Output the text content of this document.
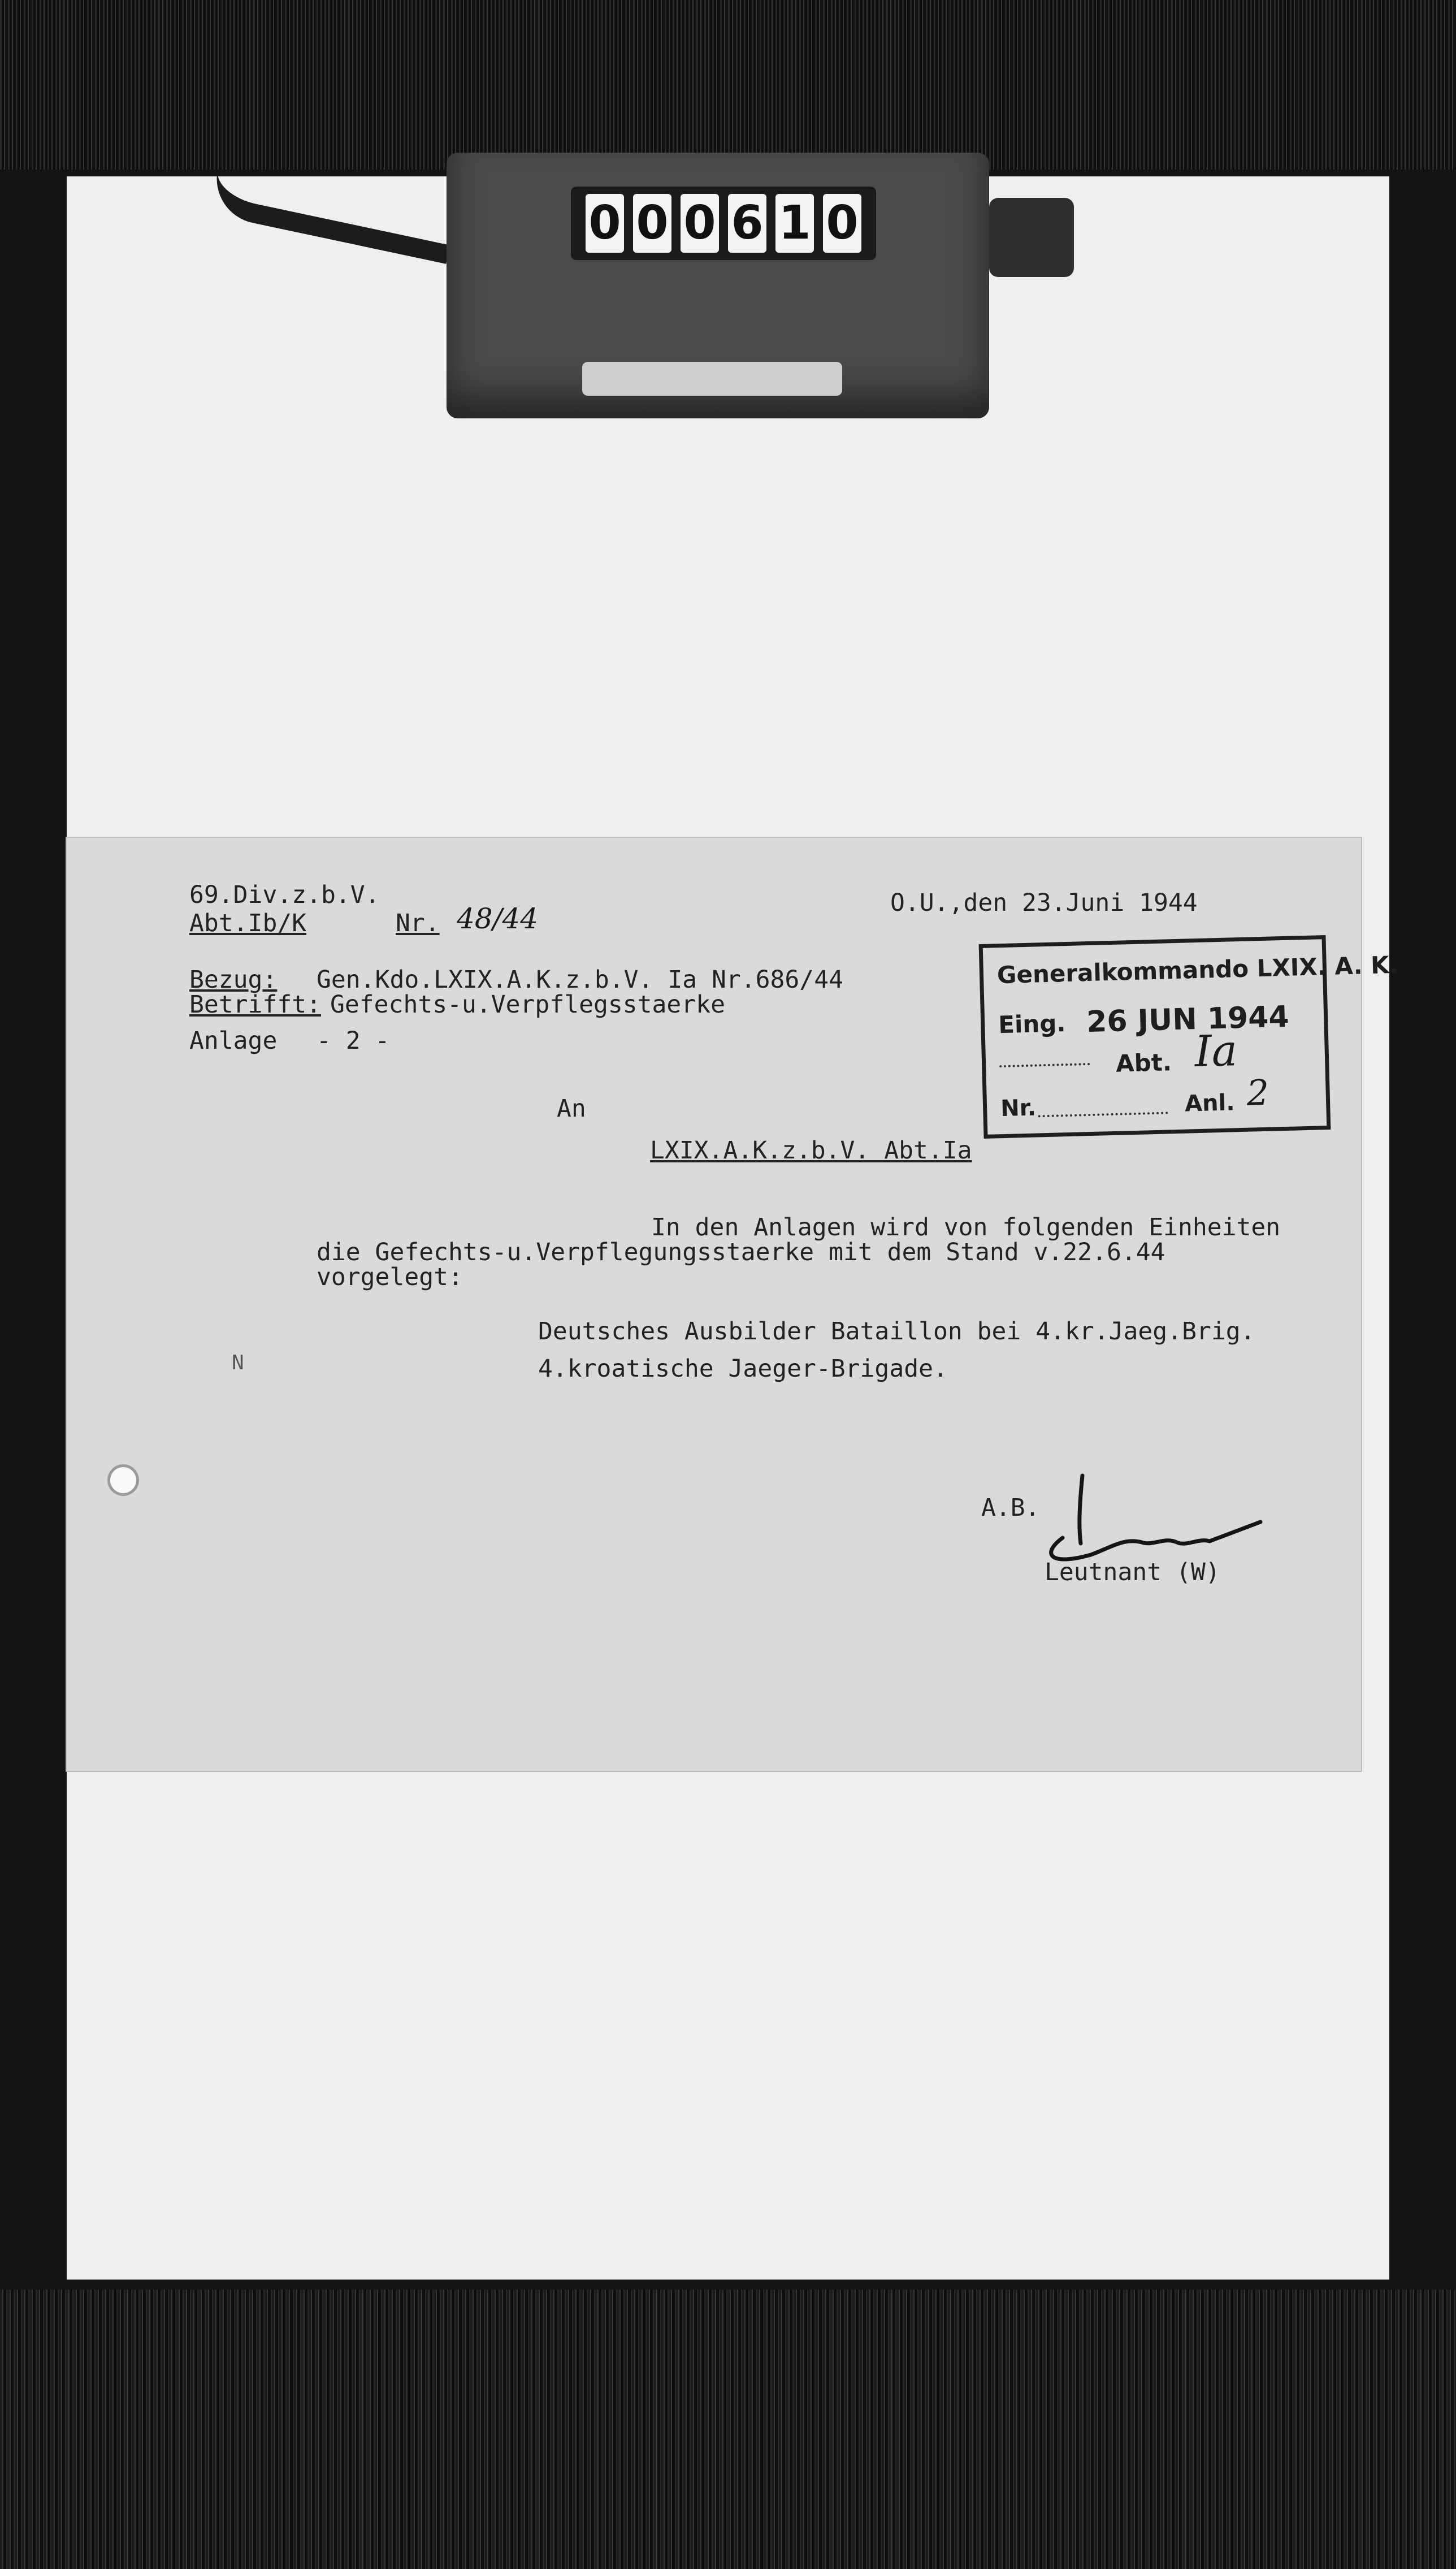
0 0 0 6 1 0
69.Div.z.b.V.
Abt.Ib/K	Nr. 48/44	O.U.,den 23.Juni 1944
Bezug: Gen.Kdo.LXIX.A.K.z.b.V. Ia Nr.686/44
Betrifft: Gefechts-u.Verpflegsstaerke
Anlage - 2 -
An
LXIX.A.K.z.b.V. Abt.Ia
In den Anlagen wird von folgenden Einheiten
die Gefechts-u.Verpflegungsstaerke mit dem Stand v.22.6.44
vorgelegt:
Deutsches Ausbilder Bataillon bei 4.kr.Jaeg.Brig.
4.kroatische Jaeger-Brigade.
N
A.B.
Leutnant (W)
Generalkommando LXIX. A. K.
Eing. 26 JUN 1944
Abt. Ia
Nr.	Anl. 2
